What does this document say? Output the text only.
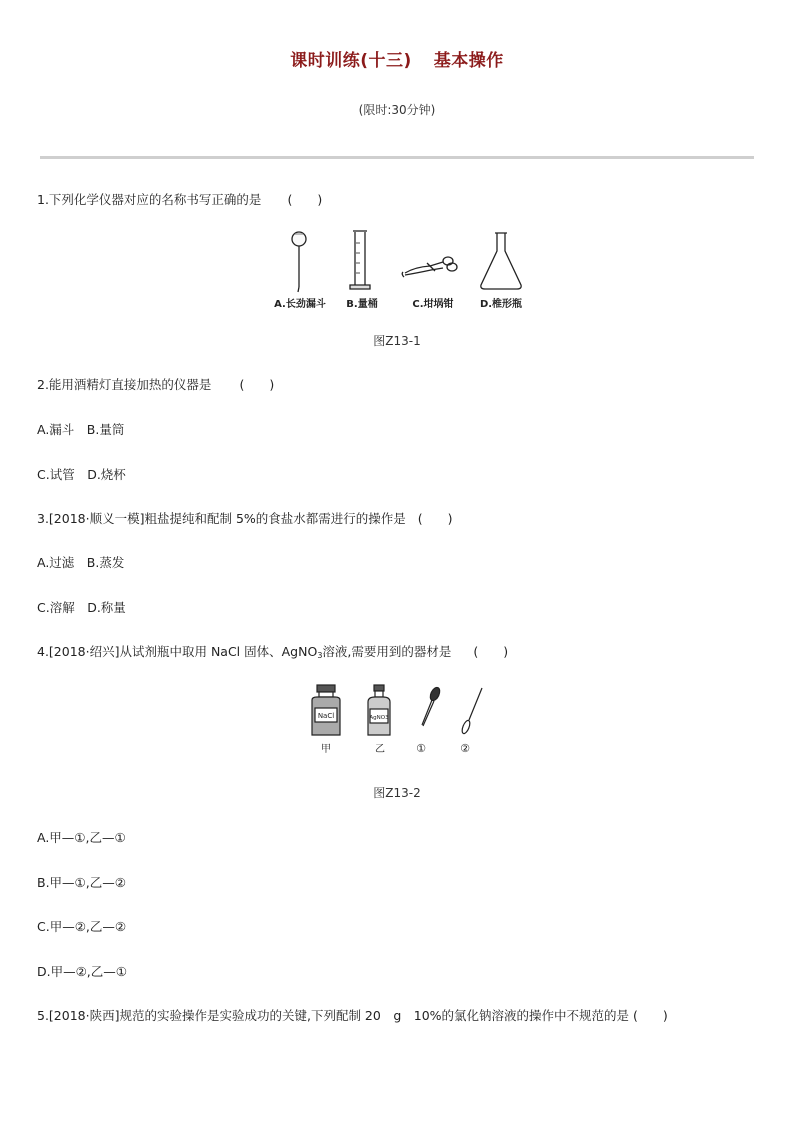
课时训练(十三) 基本操作
(限时:30分钟)
1.下列化学仪器对应的名称书写正确的是 (　　)
A.长劲漏斗 B.量桶	C.坩埚钳	D.椎形瓶
图Z13-1
2.能用酒精灯直接加热的仪器是 (　　)
A.漏斗　B.量筒
C.试管　D.烧杯
3.[2018·顺义一模]粗盐提纯和配制 5%的食盐水都需进行的操作是 (　　)
A.过滤　B.蒸发
C.溶解　D.称量
4.[2018·绍兴]从试剂瓶中取用 NaCl 固体、AgNO$_3$溶液,需要用到的器材是 (　　)
NaCl	AgNO3
甲	乙	①	②
图Z13-2
A.甲—①,乙—①
B.甲—①,乙—②
C.甲—②,乙—②
D.甲—②,乙—①
5.[2018·陕西]规范的实验操作是实验成功的关键,下列配制 20　g　10%的氯化钠溶液的操作中不规范的是 (　　)
